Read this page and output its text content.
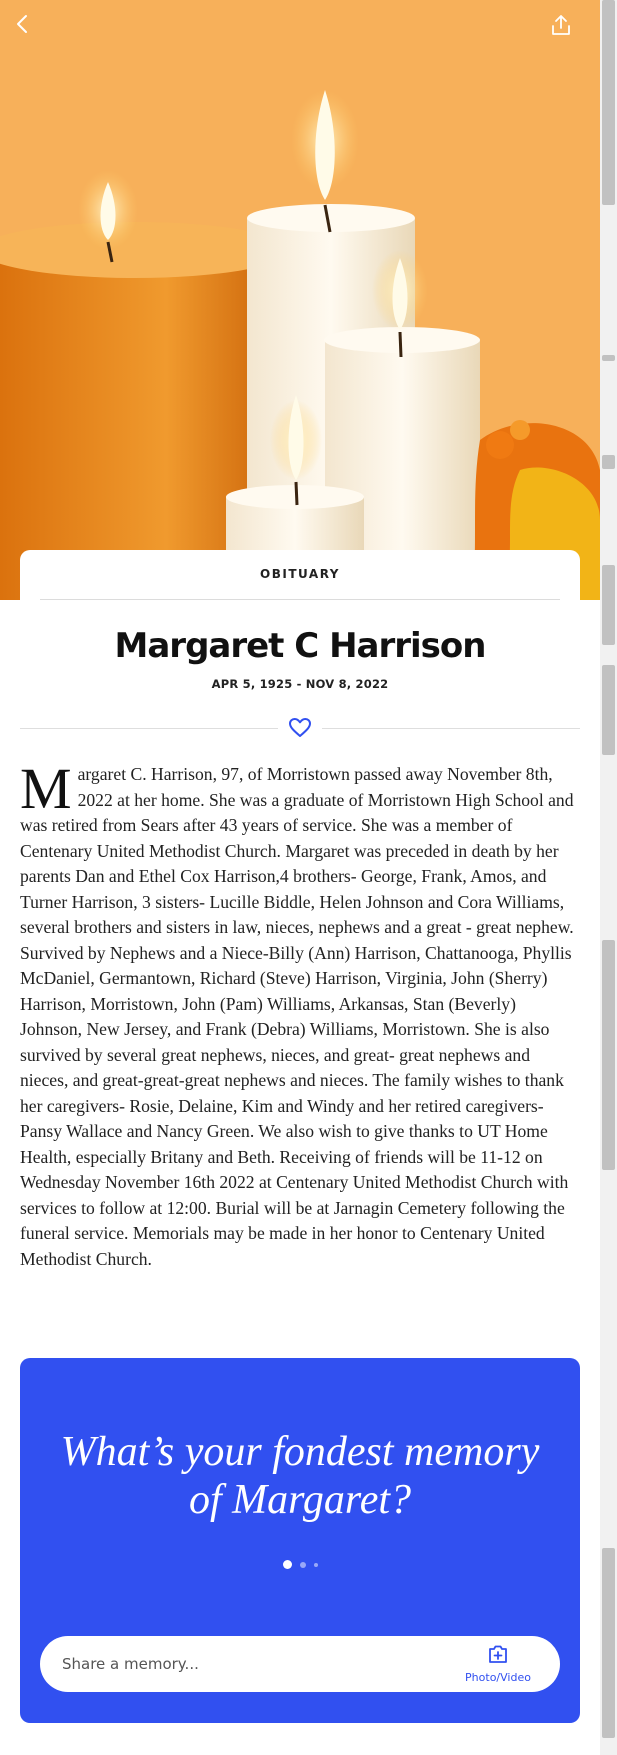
OBITUARY
Margaret C Harrison
APR 5, 1925 - NOV 8, 2022
Margaret C. Harrison, 97, of Morristown passed away November 8th, 2022 at her home. She was a graduate of Morristown High School and was retired from Sears after 43 years of service. She was a member of Centenary United Methodist Church. Margaret was preceded in death by her parents Dan and Ethel Cox Harrison,4 brothers- George, Frank, Amos, and Turner Harrison, 3 sisters- Lucille Biddle, Helen Johnson and Cora Williams, several brothers and sisters in law, nieces, nephews and a great - great nephew. Survived by Nephews and a Niece-Billy (Ann) Harrison, Chattanooga, Phyllis McDaniel, Germantown, Richard (Steve) Harrison, Virginia, John (Sherry) Harrison, Morristown, John (Pam) Williams, Arkansas, Stan (Beverly) Johnson, New Jersey, and Frank (Debra) Williams, Morristown. She is also survived by several great nephews, nieces, and great- great nephews and nieces, and great-great-great nephews and nieces. The family wishes to thank her caregivers- Rosie, Delaine, Kim and Windy and her retired caregivers-Pansy Wallace and Nancy Green. We also wish to give thanks to UT Home Health, especially Britany and Beth. Receiving of friends will be 11-12 on Wednesday November 16th 2022 at Centenary United Methodist Church with services to follow at 12:00. Burial will be at Jarnagin Cemetery following the funeral service. Memorials may be made in her honor to Centenary United Methodist Church.
What’s your fondest memory of Margaret?
Share a memory...
Photo/Video
